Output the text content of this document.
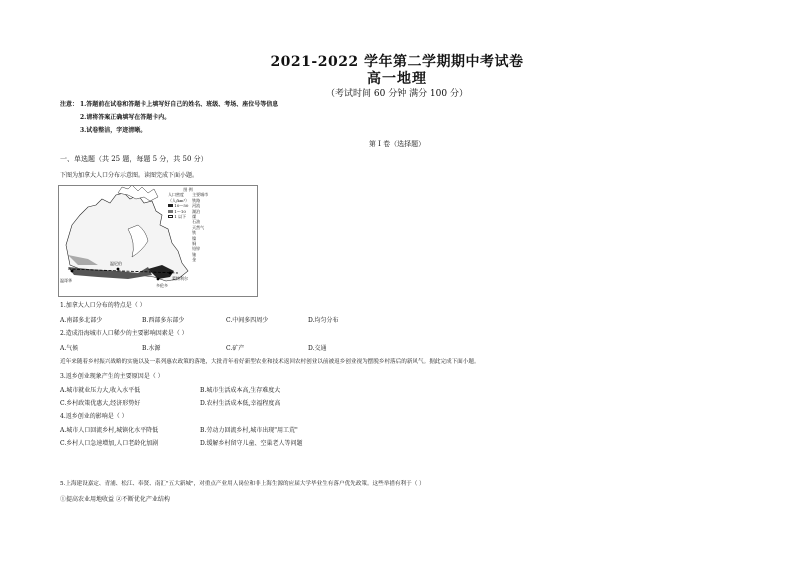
2021-2022 学年第二学期期中考试卷
高一地理
（考试时间 60 分钟 满分 100 分）
注意： 1.答题前在试卷和答题卡上填写好自己的姓名、班级、考场、座位号等信息
2.请将答案正确填写在答题卡内。
3.试卷整洁，字迹清晰。
第 I 卷（选择题）
一、单选题（共 25 题，每题 5 分，共 50 分）
下图为加拿大人口分布示意图。读图完成下面小题。
温哥华
温尼伯
多伦多
蒙特利尔
图 例
人口密度
（人/km²）
10～50
1～10
1 以下
主要城市
铁路
河流
湖泊
煤
石油
天然气
铁
镍
铜
铅锌
铀
金
1.加拿大人口分布的特点是（ ）
A.南部多北部少	B.西部多东部少	C.中间多四周少	D.均匀分布
2.造成沿海城市人口稀少的主要影响因素是（ ）
A.气候	B.水源	C.矿产	D.交通
近年来随着乡村振兴战略的实施以及一系列惠农政策的落地，大批青年看好新型农业和技术返回农村创业以前被返乡创业视为摆脱乡村落后的新风气。据此完成下面小题。
3.返乡创业现象产生的主要原因是（ ）
A.城市就业压力大,收入水平低	B.城市生活成本高,生存难度大
C.乡村政策优惠大,经济形势好	D.农村生活成本低,幸福程度高
4.返乡创业的影响是（ ）
A.城市人口回流乡村,城镇化水平降低	B.劳动力回流乡村,城市出现"用工荒"
C.乡村人口急速增加,人口老龄化加剧	D.缓解乡村留守儿童、空巢老人等问题
5.上海建设嘉定、青浦、松江、奉贤、南汇"五大新城"，对重点产业用人岗位和非上海生源的应届大学毕业生有落户优先政策。这些举措有利于（ ）
①提高农业用地收益 ②不断优化产业结构
